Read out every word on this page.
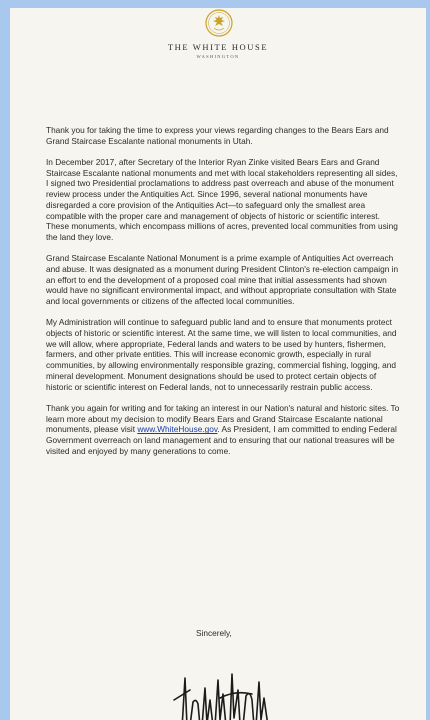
THE WHITE HOUSE
WASHINGTON

Thank you for taking the time to express your views regarding changes to the Bears Ears and Grand Staircase Escalante national monuments in Utah.

In December 2017, after Secretary of the Interior Ryan Zinke visited Bears Ears and Grand Staircase Escalante national monuments and met with local stakeholders representing all sides, I signed two Presidential proclamations to address past overreach and abuse of the monument review process under the Antiquities Act. Since 1996, several national monuments have disregarded a core provision of the Antiquities Act—to safeguard only the smallest area compatible with the proper care and management of objects of historic or scientific interest. These monuments, which encompass millions of acres, prevented local communities from using the land they love.

Grand Staircase Escalante National Monument is a prime example of Antiquities Act overreach and abuse. It was designated as a monument during President Clinton's re-election campaign in an effort to end the development of a proposed coal mine that initial assessments had shown would have no significant environmental impact, and without appropriate consultation with State and local governments or citizens of the affected local communities.

My Administration will continue to safeguard public land and to ensure that monuments protect objects of historic or scientific interest. At the same time, we will listen to local communities, and we will allow, where appropriate, Federal lands and waters to be used by hunters, fishermen, farmers, and other private entities. This will increase economic growth, especially in rural communities, by allowing environmentally responsible grazing, commercial fishing, logging, and mineral development. Monument designations should be used to protect certain objects of historic or scientific interest on Federal lands, not to unnecessarily restrain public access.

Thank you again for writing and for taking an interest in our Nation's natural and historic sites. To learn more about my decision to modify Bears Ears and Grand Staircase Escalante national monuments, please visit www.WhiteHouse.gov. As President, I am committed to ending Federal Government overreach on land management and to ensuring that our national treasures will be visited and enjoyed by many generations to come.

Sincerely,
